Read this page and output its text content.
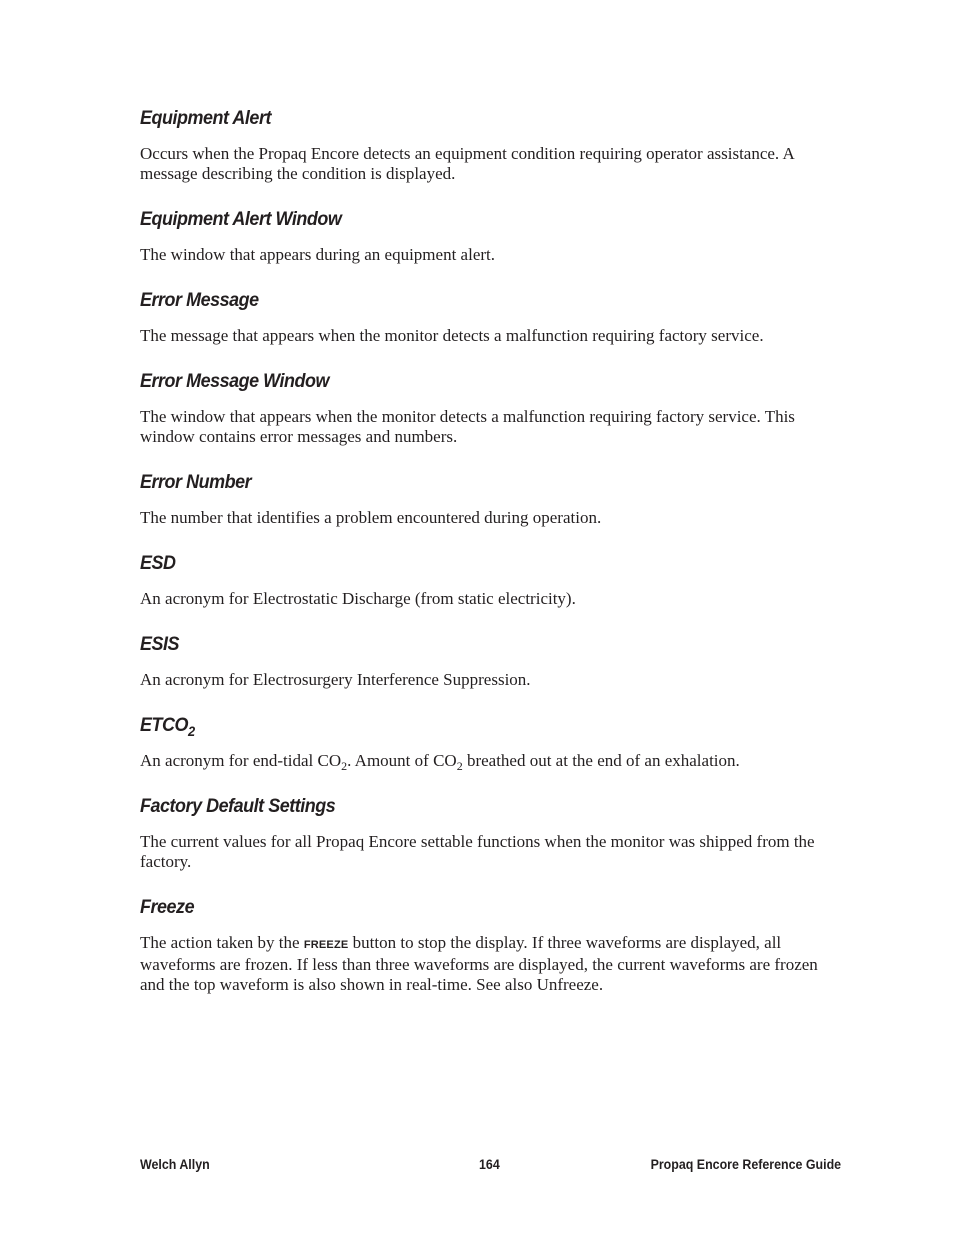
Equipment Alert

Occurs when the Propaq Encore detects an equipment condition requiring operator assistance. A message describing the condition is displayed.

Equipment Alert Window

The window that appears during an equipment alert.

Error Message

The message that appears when the monitor detects a malfunction requiring factory service.

Error Message Window

The window that appears when the monitor detects a malfunction requiring factory service. This window contains error messages and numbers.

Error Number

The number that identifies a problem encountered during operation.

ESD

An acronym for Electrostatic Discharge (from static electricity).

ESIS

An acronym for Electrosurgery Interference Suppression.

$ETCO_2$

An acronym for end-tidal $CO_2$. Amount of $CO_2$ breathed out at the end of an exhalation.

Factory Default Settings

The current values for all Propaq Encore settable functions when the monitor was shipped from the factory.

Freeze

The action taken by the FREEZE button to stop the display. If three waveforms are displayed, all waveforms are frozen. If less than three waveforms are displayed, the current waveforms are frozen and the top waveform is also shown in real-time. See also Unfreeze.

Welch Allyn	164	Propaq Encore Reference Guide
